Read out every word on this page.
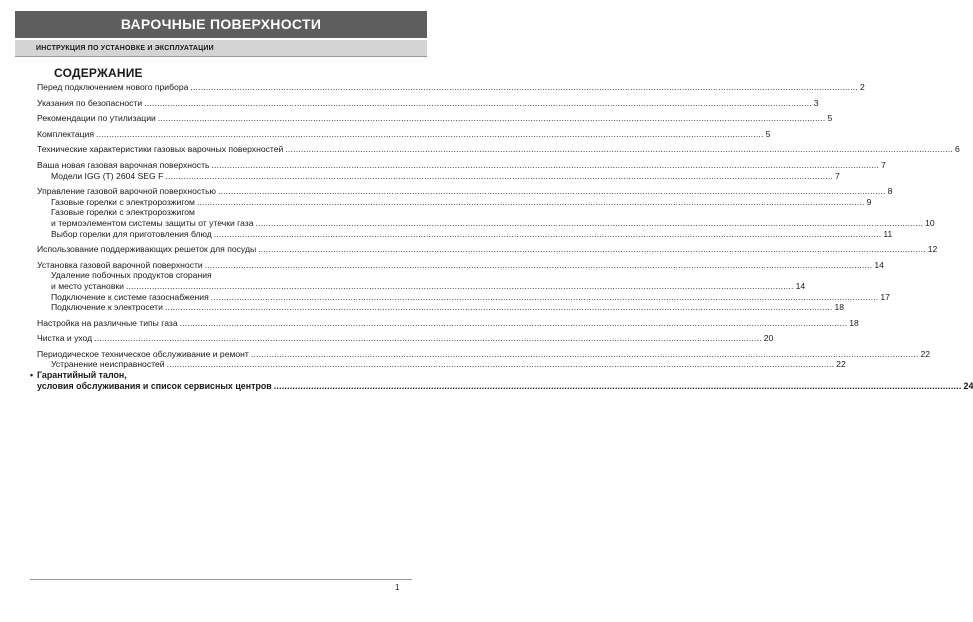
ВАРОЧНЫЕ ПОВЕРХНОСТИ
ИНСТРУКЦИЯ ПО УСТАНОВКЕ И ЭКСПЛУАТАЦИИ
СОДЕРЖАНИЕ
Перед подключением нового прибора .................................................................................................................................................................................................................................................................. 2
Указания по безопасности .................................................................................................................................................................................................................................................................. 3
Рекомендации по утилизации .................................................................................................................................................................................................................................................................. 5
Комплектация .................................................................................................................................................................................................................................................................. 5
Технические характеристики газовых варочных поверхностей .................................................................................................................................................................................................................................................................. 6
Ваша новая газовая варочная поверхность .................................................................................................................................................................................................................................................................. 7
Модели IGG (T) 2604 SEG F .................................................................................................................................................................................................................................................................. 7
Управление газовой варочной поверхностью .................................................................................................................................................................................................................................................................. 8
Газовые горелки с электророзжигом .................................................................................................................................................................................................................................................................. 9
Газовые горелки с электророзжигом
и термоэлементом системы защиты от утечки газа .................................................................................................................................................................................................................................................................. 10
Выбор горелки для приготовления блюд .................................................................................................................................................................................................................................................................. 11
Использование поддерживающих решеток для посуды .................................................................................................................................................................................................................................................................. 12
Установка газовой варочной поверхности .................................................................................................................................................................................................................................................................. 14
Удаление побочных продуктов сгорания
и место установки .................................................................................................................................................................................................................................................................. 14
Подключение к системе газоснабжения .................................................................................................................................................................................................................................................................. 17
Подключение к электросети .................................................................................................................................................................................................................................................................. 18
Настройка на различные типы газа .................................................................................................................................................................................................................................................................. 18
Чистка и уход .................................................................................................................................................................................................................................................................. 20
Периодическое техническое обслуживание и ремонт .................................................................................................................................................................................................................................................................. 22
Устранение неисправностей .................................................................................................................................................................................................................................................................. 22
• Гарантийный талон,
условия обслуживания и список сервисных центров .................................................................................................................................................................................................................................................................. 24
1
